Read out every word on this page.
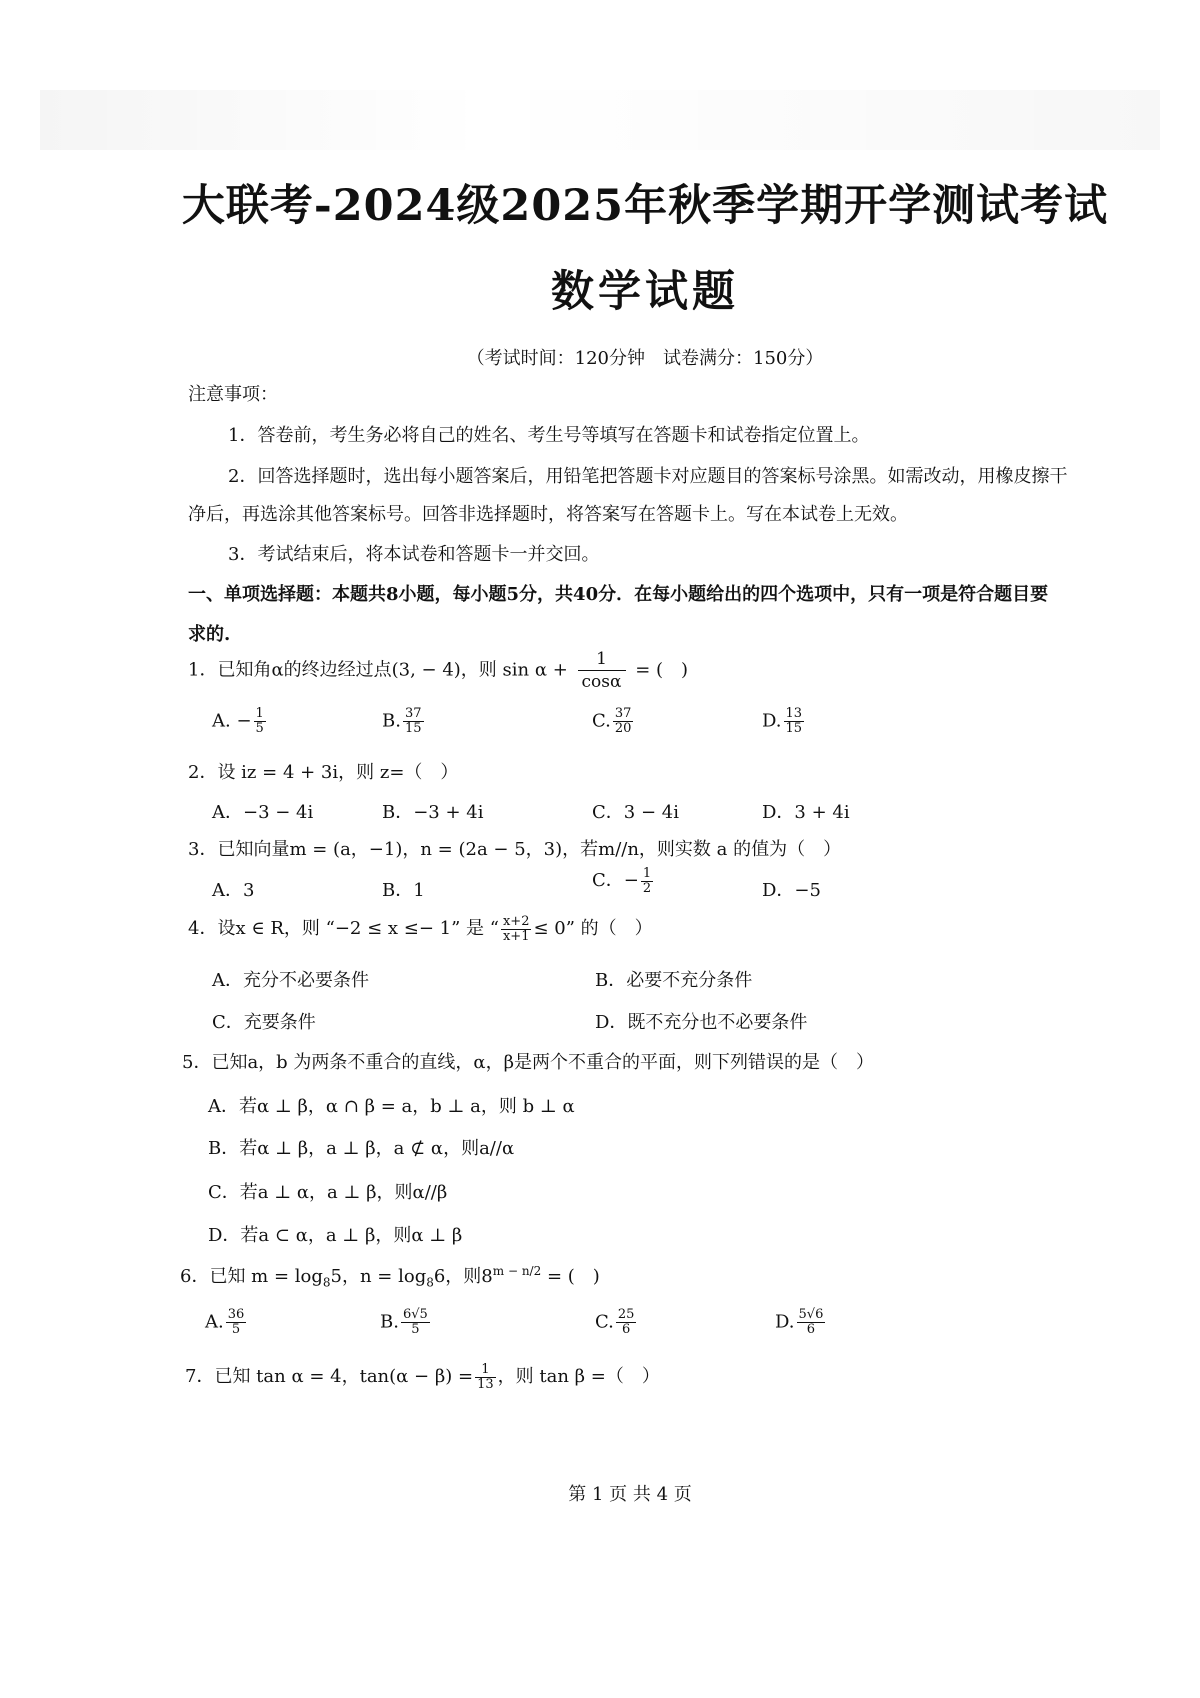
大联考-2024级2025年秋季学期开学测试考试
数学试题
（考试时间：120分钟　试卷满分：150分）
注意事项：
1．答卷前，考生务必将自己的姓名、考生号等填写在答题卡和试卷指定位置上。
2．回答选择题时，选出每小题答案后，用铅笔把答题卡对应题目的答案标号涂黑。如需改动，用橡皮擦干
净后，再选涂其他答案标号。回答非选择题时，将答案写在答题卡上。写在本试卷上无效。
3．考试结束后，将本试卷和答题卡一并交回。
一、单项选择题：本题共8小题，每小题5分，共40分．在每小题给出的四个选项中，只有一项是符合题目要
求的.
1．已知角α的终边经过点(3, − 4)，则 $\sin \alpha + \frac{1}{\cos\alpha}$ = (　)
A. − $\frac{1}{5}$	B. $\frac{37}{15}$	C. $\frac{37}{20}$	D. $\frac{13}{15}$
2．设 iz = 4 + 3i，则 z=（　）
A．−3 − 4i	B．−3 + 4i	C．3 − 4i	D．3 + 4i
3．已知向量m = (a，−1)，n = (2a − 5，3)，若m//n，则实数 a 的值为（　）
A．3	B．1	C．− $\frac{1}{2}$	D．−5
4．设x ∈ R，则 “−2 ≤ x ≤− 1” 是 “ $\frac{x+2}{x+1} \le 0$” 的（　）
A．充分不必要条件	B．必要不充分条件
C．充要条件	D．既不充分也不必要条件
5．已知a，b 为两条不重合的直线，α，β是两个不重合的平面，则下列错误的是（　）
A．若α ⊥ β，α ∩ β = a，b ⊥ a，则 b ⊥ α
B．若α ⊥ β，a ⊥ β，a ⊄ α，则a//α
C．若a ⊥ α，a ⊥ β，则α//β
D．若a ⊂ α，a ⊥ β，则α ⊥ β
6．已知 $m = \log_85$，$n = \log_86$，则$8^{m - n/2}$ = (　)
A. $\frac{36}{5}$	B. $\frac{6√5}{5}$	C. $\frac{25}{6}$	D. $\frac{5√6}{6}$
7．已知 tan α = 4，$\tan(\alpha - \beta) = \frac{1}{13}$ ，则 tan β =（　）
第 1 页 共 4 页
